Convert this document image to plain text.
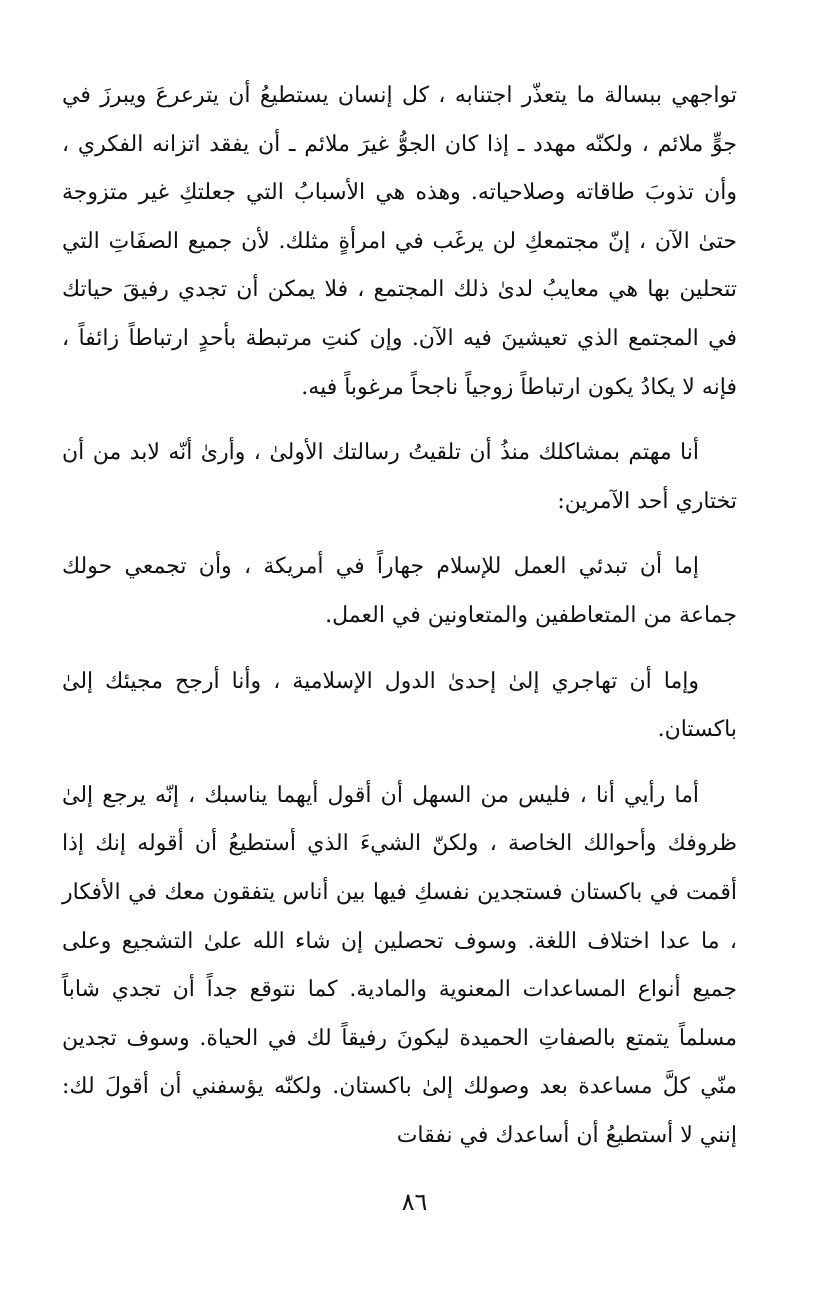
تواجهي ببسالة ما يتعذّر اجتنابه ، كل إنسان يستطيعُ أن يترعرعَ ويبرزَ في جوٍّ ملائم ، ولكنّه مهدد ـ إذا كان الجوُّ غيرَ ملائم ـ أن يفقد اتزانه الفكري ، وأن تذوبَ طاقاته وصلاحياته. وهذه هي الأسبابُ التي جعلتكِ غير متزوجة حتىٰ الآن ، إنّ مجتمعكِ لن يرغَب في امرأةٍ مثلك. لأن جميع الصفَاتِ التي تتحلين بها هي معايبُ لدىٰ ذلك المجتمع ، فلا يمكن أن تجدي رفيقَ حياتك في المجتمع الذي تعيشينَ فيه الآن. وإن كنتِ مرتبطة بأحدٍ ارتباطاً زائفاً ، فإنه لا يكادُ يكون ارتباطاً زوجياً ناجحاً مرغوباً فيه.

أنا مهتم بمشاكلك منذُ أن تلقيتُ رسالتك الأولىٰ ، وأرىٰ أنّه لابد من أن تختاري أحد الآمرين:

إما أن تبدئي العمل للإسلام جهاراً في أمريكة ، وأن تجمعي حولك جماعة من المتعاطفين والمتعاونين في العمل.

وإما أن تهاجري إلىٰ إحدىٰ الدول الإسلامية ، وأنا أرجح مجيئك إلىٰ باكستان.

أما رأيي أنا ، فليس من السهل أن أقول أيهما يناسبك ، إنّه يرجع إلىٰ ظروفك وأحوالك الخاصة ، ولكنّ الشيءَ الذي أستطيعُ أن أقوله إنك إذا أقمت في باكستان فستجدين نفسكِ فيها بين أناس يتفقون معك في الأفكار ، ما عدا اختلاف اللغة. وسوف تحصلين إن شاء الله علىٰ التشجيع وعلى جميع أنواع المساعدات المعنوية والمادية. كما نتوقع جداً أن تجدي شاباً مسلماً يتمتع بالصفاتِ الحميدة ليكونَ رفيقاً لك في الحياة. وسوف تجدين منّي كلَّ مساعدة بعد وصولك إلىٰ باكستان. ولكنّه يؤسفني أن أقولَ لك: إنني لا أستطيعُ أن أساعدك في نفقات

٨٦
